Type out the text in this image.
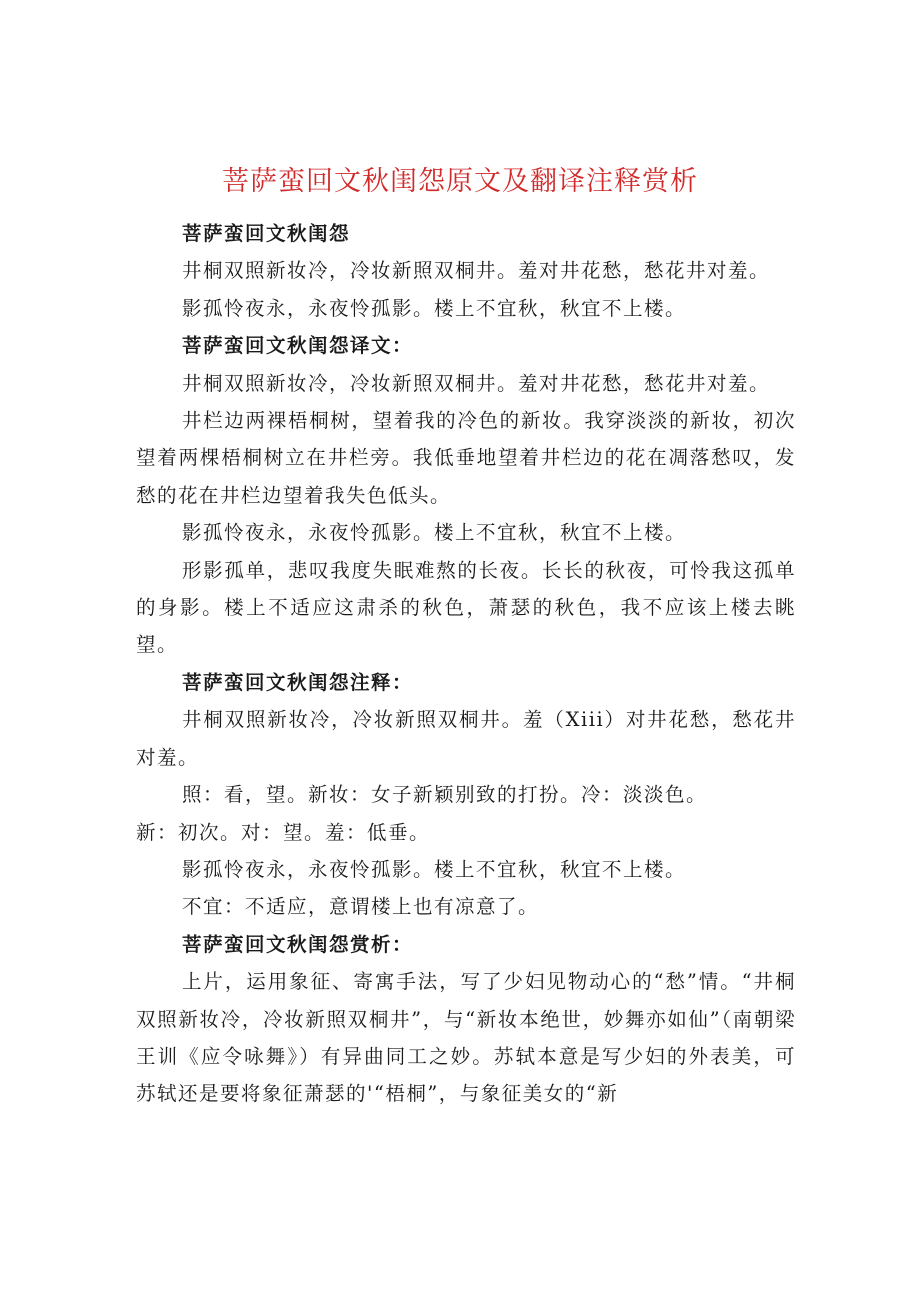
菩萨蛮回文秋闺怨原文及翻译注释赏析

菩萨蛮回文秋闺怨

井桐双照新妆冷，冷妆新照双桐井。羞对井花愁，愁花井对羞。

影孤怜夜永，永夜怜孤影。楼上不宜秋，秋宜不上楼。

菩萨蛮回文秋闺怨译文：

井桐双照新妆冷，冷妆新照双桐井。羞对井花愁，愁花井对羞。

井栏边两裸梧桐树，望着我的冷色的新妆。我穿淡淡的新妆，初次望着两棵梧桐树立在井栏旁。我低垂地望着井栏边的花在凋落愁叹，发愁的花在井栏边望着我失色低头。

影孤怜夜永，永夜怜孤影。楼上不宜秋，秋宜不上楼。

形影孤单，悲叹我度失眠难熬的长夜。长长的秋夜，可怜我这孤单的身影。楼上不适应这肃杀的秋色，萧瑟的秋色，我不应该上楼去眺望。

菩萨蛮回文秋闺怨注释：

井桐双照新妆冷，冷妆新照双桐井。羞（Xiii）对井花愁，愁花井对羞。

照：看，望。新妆：女子新颖别致的打扮。冷：淡淡色。

新：初次。对：望。羞：低垂。

影孤怜夜永，永夜怜孤影。楼上不宜秋，秋宜不上楼。

不宜：不适应，意谓楼上也有凉意了。

菩萨蛮回文秋闺怨赏析：

上片，运用象征、寄寓手法，写了少妇见物动心的“愁”情。“井桐双照新妆冷，冷妆新照双桐井”，与“新妆本绝世，妙舞亦如仙”（南朝梁王训《应令咏舞》）有异曲同工之妙。苏轼本意是写少妇的外表美，可苏轼还是要将象征萧瑟的'“梧桐”，与象征美女的“新
